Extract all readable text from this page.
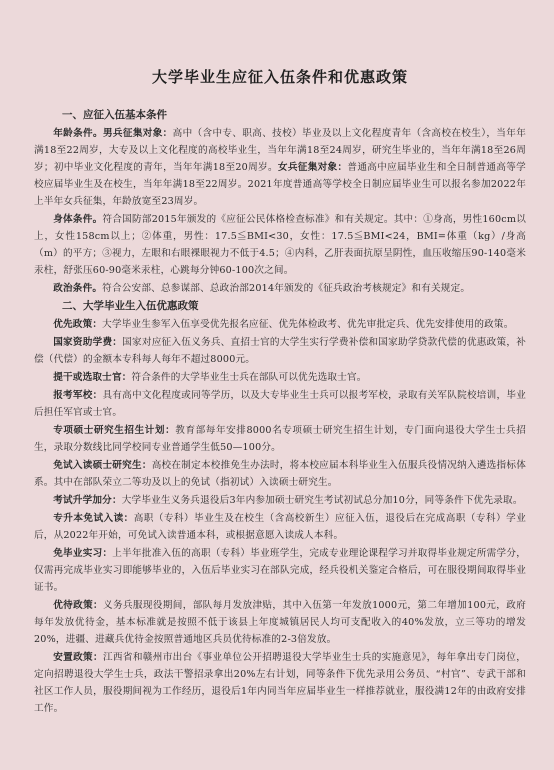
大学毕业生应征入伍条件和优惠政策
一、应征入伍基本条件

年龄条件。男兵征集对象：高中（含中专、职高、技校）毕业及以上文化程度青年（含高校在校生），当年年满18至22周岁，大专及以上文化程度的高校毕业生，当年年满18至24周岁，研究生毕业的，当年年满18至26周岁；初中毕业文化程度的青年，当年年满18至20周岁。女兵征集对象：普通高中应届毕业生和全日制普通高等学校应届毕业生及在校生，当年年满18至22周岁。2021年度普通高等学校全日制应届毕业生可以报名参加2022年上半年女兵征集，年龄放宽至23周岁。

身体条件。符合国防部2015年颁发的《应征公民体格检查标准》和有关规定。其中：①身高，男性160cm以上，女性158cm以上；②体重，男性：17.5≦BMI<30，女性：17.5≦BMI<24，BMI=体重（kg）/身高（m）的平方；③视力，左眼和右眼裸眼视力不低于4.5；④内科，乙肝表面抗原呈阴性，血压收缩压90-140毫米汞柱，舒张压60-90毫米汞柱，心跳每分钟60-100次之间。

政治条件。符合公安部、总参谋部、总政治部2014年颁发的《征兵政治考核规定》和有关规定。

二、大学毕业生入伍优惠政策

优先政策：大学毕业生参军入伍享受优先报名应征、优先体检政考、优先审批定兵、优先安排使用的政策。

国家资助学费：国家对应征入伍义务兵、直招士官的大学生实行学费补偿和国家助学贷款代偿的优惠政策，补偿（代偿）的金额本专科每人每年不超过8000元。

提干或选取士官：符合条件的大学毕业生士兵在部队可以优先选取士官。

报考军校：具有高中文化程度或同等学历，以及大专毕业生士兵可以报考军校，录取有关军队院校培训，毕业后担任军官或士官。

专项硕士研究生招生计划：教育部每年安排8000名专项硕士研究生招生计划，专门面向退役大学生士兵招生，录取分数线比同学校同专业普通学生低50—100分。

免试入读硕士研究生：高校在制定本校推免生办法时，将本校应届本科毕业生入伍服兵役情况纳入遴选指标体系。其中在部队荣立二等功及以上的免试（指初试）入读硕士研究生。

考试升学加分：大学毕业生义务兵退役后3年内参加硕士研究生考试初试总分加10分，同等条件下优先录取。

专升本免试入读：高职（专科）毕业生及在校生（含高校新生）应征入伍，退役后在完成高职（专科）学业后，从2022年开始，可免试入读普通本科，或根据意愿入读成人本科。

免毕业实习：上半年批准入伍的高职（专科）毕业班学生，完成专业理论课程学习并取得毕业规定所需学分，仅需再完成毕业实习即能够毕业的，入伍后毕业实习在部队完成，经兵役机关鉴定合格后，可在服役期间取得毕业证书。

优待政策：义务兵服现役期间，部队每月发放津贴，其中入伍第一年发放1000元，第二年增加100元，政府每年发放优待金，基本标准就是按照不低于该县上年度城镇居民人均可支配收入的40%发放，立三等功的增发20%，进疆、进藏兵优待金按照普通地区兵员优待标准的2-3倍发放。

安置政策：江西省和赣州市出台《事业单位公开招聘退役大学毕业生士兵的实施意见》，每年拿出专门岗位，定向招聘退役大学生士兵，政法干警招录拿出20%左右计划，同等条件下优先录用公务员、“村官”、专武干部和社区工作人员，服役期间视为工作经历，退役后1年内同当年应届毕业生一样推荐就业，服役满12年的由政府安排工作。
